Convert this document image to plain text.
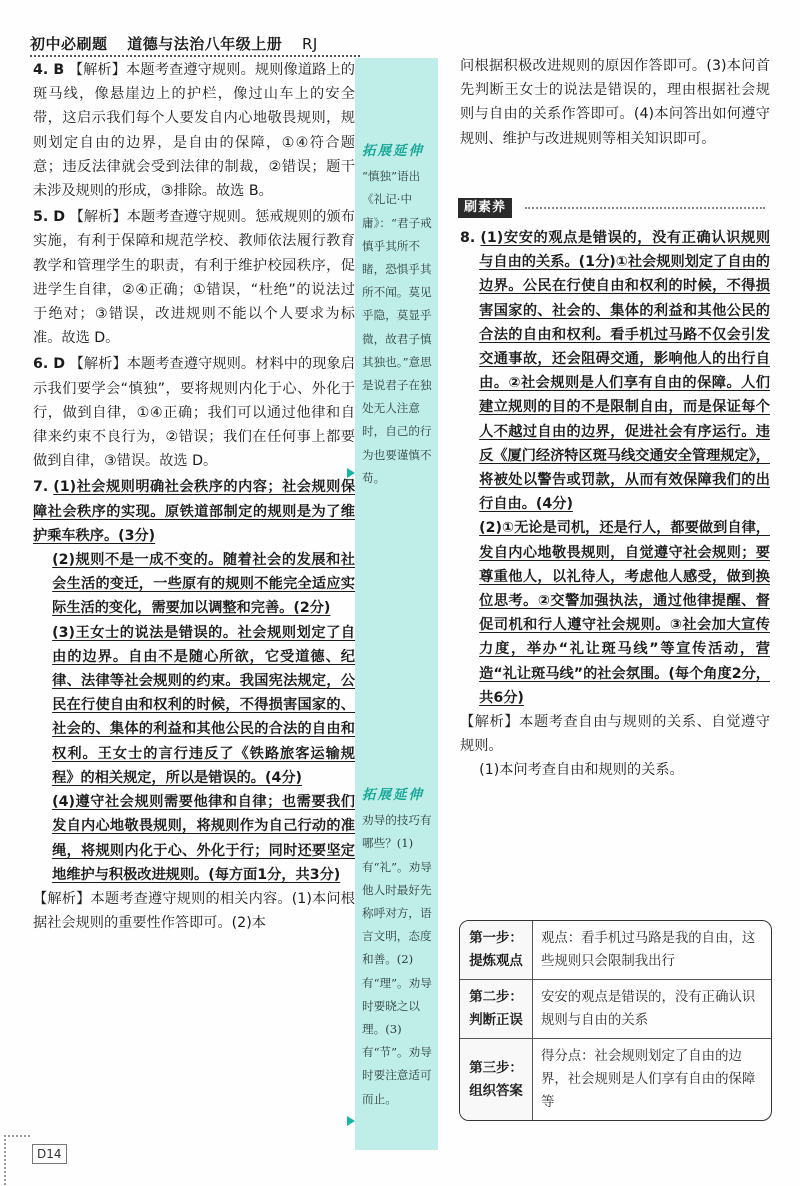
初中必刷题 道德与法治八年级上册 RJ

4. B 【解析】本题考查遵守规则。规则像道路上的斑马线，像悬崖边上的护栏，像过山车上的安全带，这启示我们每个人要发自内心地敬畏规则，规则划定自由的边界，是自由的保障，①④符合题意；违反法律就会受到法律的制裁，②错误；题干未涉及规则的形成，③排除。故选 B。

5. D 【解析】本题考查遵守规则。惩戒规则的颁布实施，有利于保障和规范学校、教师依法履行教育教学和管理学生的职责，有利于维护校园秩序，促进学生自律，②④正确；①错误，“杜绝”的说法过于绝对；③错误，改进规则不能以个人要求为标准。故选 D。

6. D 【解析】本题考查遵守规则。材料中的现象启示我们要学会“慎独”，要将规则内化于心、外化于行，做到自律，①④正确；我们可以通过他律和自律来约束不良行为，②错误；我们在任何事上都要做到自律，③错误。故选 D。

7. (1)社会规则明确社会秩序的内容；社会规则保障社会秩序的实现。原铁道部制定的规则是为了维护乘车秩序。(3分)

(2)规则不是一成不变的。随着社会的发展和社会生活的变迁，一些原有的规则不能完全适应实际生活的变化，需要加以调整和完善。(2分)

(3)王女士的说法是错误的。社会规则划定了自由的边界。自由不是随心所欲，它受道德、纪律、法律等社会规则的约束。我国宪法规定，公民在行使自由和权利的时候，不得损害国家的、社会的、集体的利益和其他公民的合法的自由和权利。王女士的言行违反了《铁路旅客运输规程》的相关规定，所以是错误的。(4分)

(4)遵守社会规则需要他律和自律；也需要我们发自内心地敬畏规则，将规则作为自己行动的准绳，将规则内化于心、外化于行；同时还要坚定地维护与积极改进规则。(每方面1分，共3分)

【解析】本题考查遵守规则的相关内容。(1)本问根据社会规则的重要性作答即可。(2)本

拓展延伸
“慎独”语出《礼记·中庸》：“君子戒慎乎其所不睹，恐惧乎其所不闻。莫见乎隐，莫显乎微，故君子慎其独也。”意思是说君子在独处无人注意时，自己的行为也要谨慎不苟。
拓展延伸
劝导的技巧有哪些？(1)有“礼”。劝导他人时最好先称呼对方，语言文明，态度和善。(2)有“理”。劝导时要晓之以理。(3)有“节”。劝导时要注意适可而止。

问根据积极改进规则的原因作答即可。(3)本问首先判断王女士的说法是错误的，理由根据社会规则与自由的关系作答即可。(4)本问答出如何遵守规则、维护与改进规则等相关知识即可。

刷素养

8. (1)安安的观点是错误的，没有正确认识规则与自由的关系。(1分)①社会规则划定了自由的边界。公民在行使自由和权利的时候，不得损害国家的、社会的、集体的利益和其他公民的合法的自由和权利。看手机过马路不仅会引发交通事故，还会阻碍交通，影响他人的出行自由。②社会规则是人们享有自由的保障。人们建立规则的目的不是限制自由，而是保证每个人不越过自由的边界，促进社会有序运行。违反《厦门经济特区斑马线交通安全管理规定》，将被处以警告或罚款，从而有效保障我们的出行自由。(4分)

(2)①无论是司机，还是行人，都要做到自律，发自内心地敬畏规则，自觉遵守社会规则；要尊重他人，以礼待人，考虑他人感受，做到换位思考。②交警加强执法，通过他律提醒、督促司机和行人遵守社会规则。③社会加大宣传力度，举办“礼让斑马线”等宣传活动，营造“礼让斑马线”的社会氛围。(每个角度2分，共6分)

【解析】本题考查自由与规则的关系、自觉遵守规则。

(1)本问考查自由和规则的关系。

第一步：提炼观点	观点：看手机过马路是我的自由，这些规则只会限制我出行
第二步：判断正误	安安的观点是错误的，没有正确认识规则与自由的关系
第三步：组织答案	得分点：社会规则划定了自由的边界，社会规则是人们享有自由的保障等
D14
